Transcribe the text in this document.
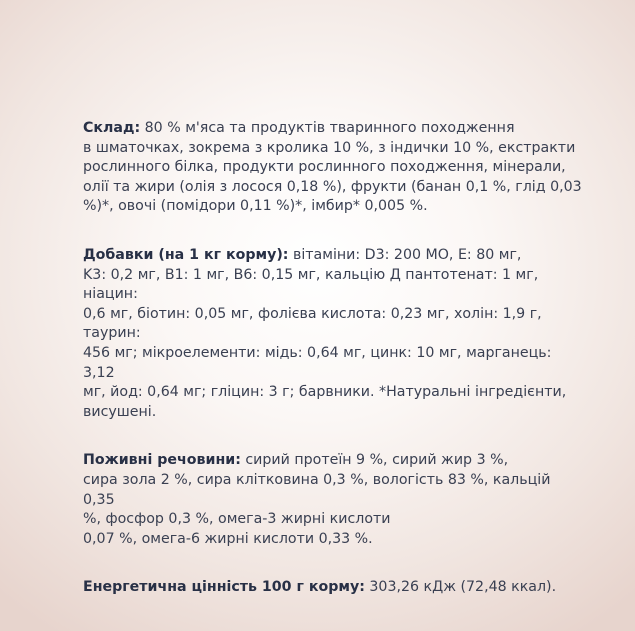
Склад: 80 % м'яса та продуктів тваринного походження
в шматочках, зокрема з кролика 10 %, з індички 10 %, екстракти
рослинного білка, продукти рослинного походження, мінерали,
олії та жири (олія з лосося 0,18 %), фрукти (банан 0,1 %, глід 0,03
%)*, овочі (помідори 0,11 %)*, імбир* 0,005 %.
Добавки (на 1 кг корму): вітаміни: D3: 200 МО, E: 80 мг,
K3: 0,2 мг, B1: 1 мг, B6: 0,15 мг, кальцію Д пантотенат: 1 мг, ніацин:
0,6 мг, біотин: 0,05 мг, фолієва кислота: 0,23 мг, холін: 1,9 г, таурин:
456 мг; мікроелементи: мідь: 0,64 мг, цинк: 10 мг, марганець: 3,12
мг, йод: 0,64 мг; гліцин: 3 г; барвники. *Натуральні інгредієнти,
висушені.
Поживні речовини: сирий протеїн 9 %, сирий жир 3 %,
сира зола 2 %, сира клітковина 0,3 %, вологість 83 %, кальцій 0,35
%, фосфор 0,3 %, омега-3 жирні кислоти
0,07 %, омега-6 жирні кислоти 0,33 %.
Енергетична цінність 100 г корму: 303,26 кДж (72,48 ккал).
